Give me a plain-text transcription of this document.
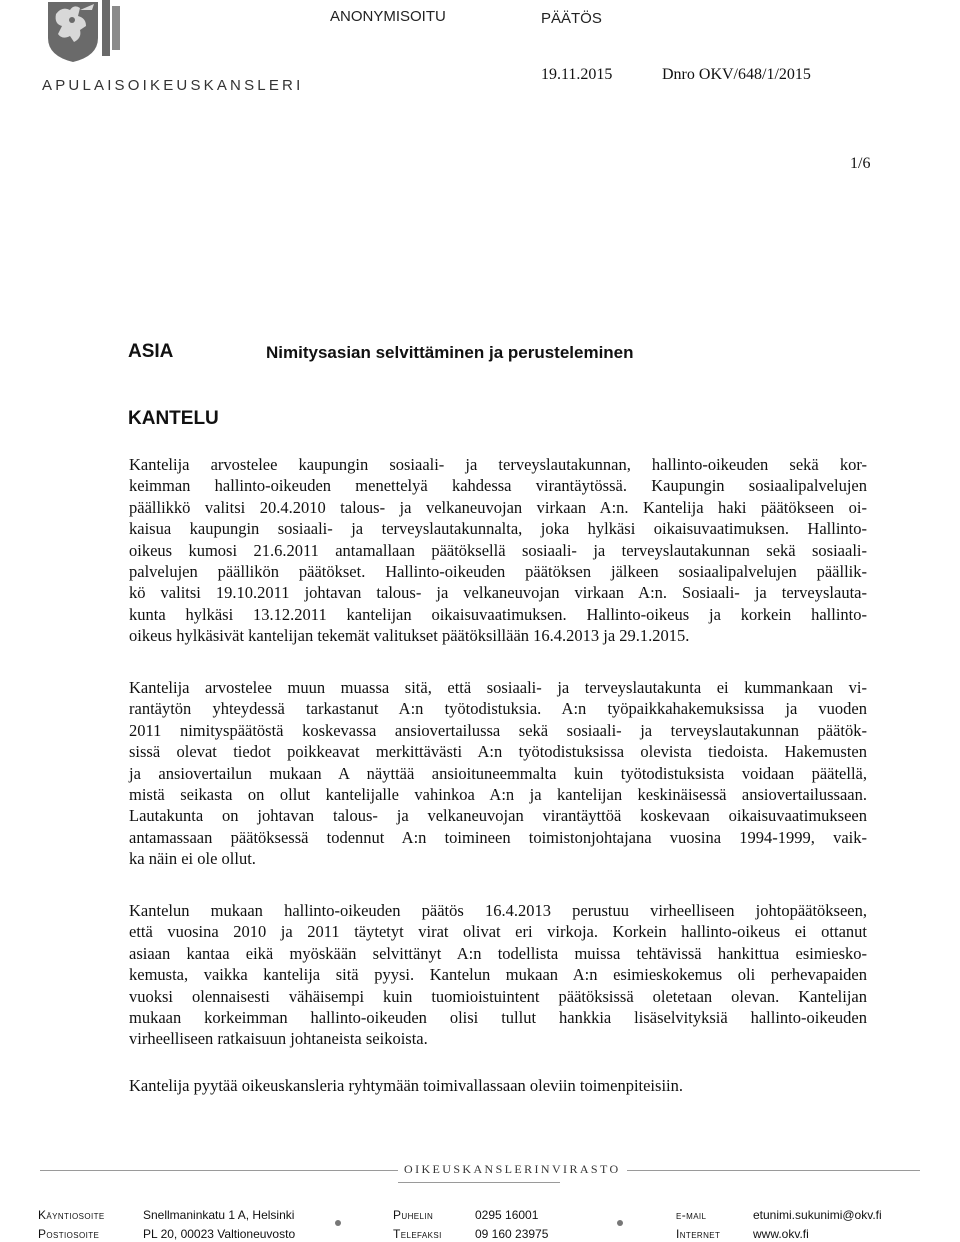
APULAISOIKEUSKANSLERI
ANONYMISOITU	PÄÄTÖS
19.11.2015	Dnro OKV/648/1/2015
1/6
ASIA	Nimitysasian selvittäminen ja perusteleminen
KANTELU
Kantelija arvostelee kaupungin sosiaali- ja terveyslautakunnan, hallinto-oikeuden sekä kor-
keimman hallinto-oikeuden menettelyä kahdessa virantäytössä. Kaupungin sosiaalipalvelujen
päällikkö valitsi 20.4.2010 talous- ja velkaneuvojan virkaan A:n. Kantelija haki päätökseen oi-
kaisua kaupungin sosiaali- ja terveyslautakunnalta, joka hylkäsi oikaisuvaatimuksen. Hallinto-
oikeus kumosi 21.6.2011 antamallaan päätöksellä sosiaali- ja terveyslautakunnan sekä sosiaali-
palvelujen päällikön päätökset. Hallinto-oikeuden päätöksen jälkeen sosiaalipalvelujen päällik-
kö valitsi 19.10.2011 johtavan talous- ja velkaneuvojan virkaan A:n. Sosiaali- ja terveyslauta-
kunta hylkäsi 13.12.2011 kantelijan oikaisuvaatimuksen. Hallinto-oikeus ja korkein hallinto-
oikeus hylkäsivät kantelijan tekemät valitukset päätöksillään 16.4.2013 ja 29.1.2015.
Kantelija arvostelee muun muassa sitä, että sosiaali- ja terveyslautakunta ei kummankaan vi-
rantäytön yhteydessä tarkastanut A:n työtodistuksia. A:n työpaikkahakemuksissa ja vuoden
2011 nimityspäätöstä koskevassa ansiovertailussa sekä sosiaali- ja terveyslautakunnan päätök-
sissä olevat tiedot poikkeavat merkittävästi A:n työtodistuksissa olevista tiedoista. Hakemusten
ja ansiovertailun mukaan A näyttää ansioituneemmalta kuin työtodistuksista voidaan päätellä,
mistä seikasta on ollut kantelijalle vahinkoa A:n ja kantelijan keskinäisessä ansiovertailussaan.
Lautakunta on johtavan talous- ja velkaneuvojan virantäyttöä koskevaan oikaisuvaatimukseen
antamassaan päätöksessä todennut A:n toimineen toimistonjohtajana vuosina 1994-1999, vaik-
ka näin ei ole ollut.
Kantelun mukaan hallinto-oikeuden päätös 16.4.2013 perustuu virheelliseen johtopäätökseen,
että vuosina 2010 ja 2011 täytetyt virat olivat eri virkoja. Korkein hallinto-oikeus ei ottanut
asiaan kantaa eikä myöskään selvittänyt A:n todellista muissa tehtävissä hankittua esimiesko-
kemusta, vaikka kantelija sitä pyysi. Kantelun mukaan A:n esimieskokemus oli perhevapaiden
vuoksi olennaisesti vähäisempi kuin tuomioistuintent päätöksissä oletetaan olevan. Kantelijan
mukaan korkeimman hallinto-oikeuden olisi tullut hankkia lisäselvityksiä hallinto-oikeuden
virheelliseen ratkaisuun johtaneista seikoista.
Kantelija pyytää oikeuskansleria ryhtymään toimivallassaan oleviin toimenpiteisiin.
OIKEUSKANSLERINVIRASTO
Käyntiosoite	Snellmaninkatu 1 A, Helsinki
Postiosoite	PL 20, 00023 Valtioneuvosto
Puhelin	0295 16001
Telefaksi	09 160 23975
e-mail	etunimi.sukunimi@okv.fi
Internet	www.okv.fi
